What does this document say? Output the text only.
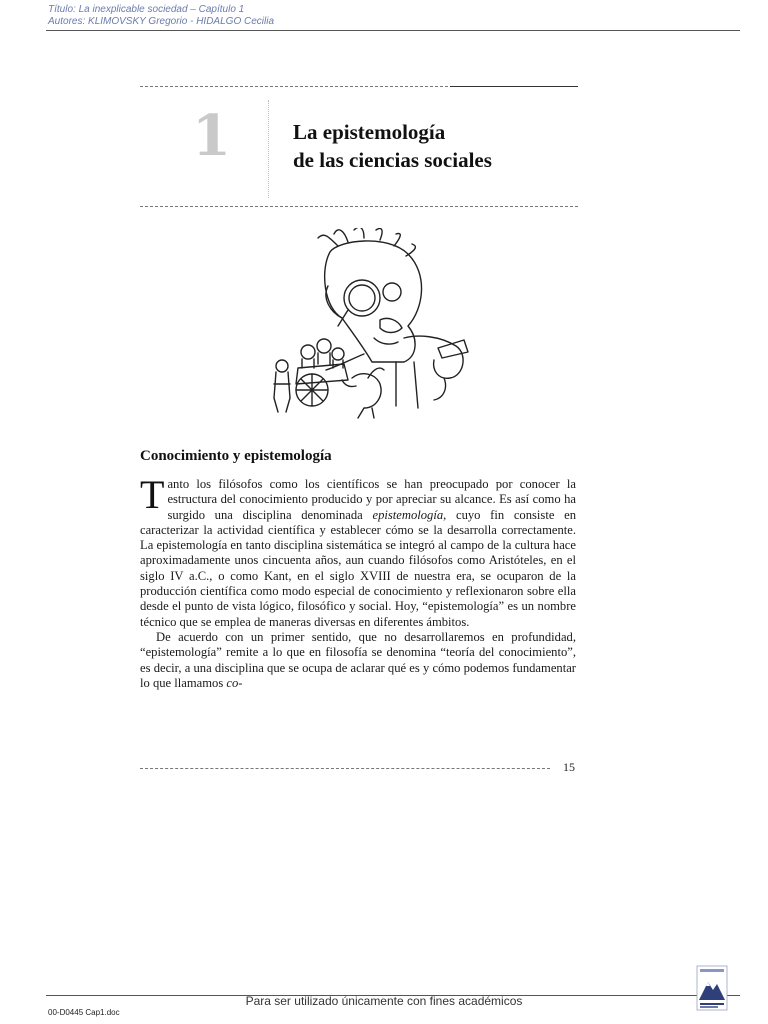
Título: La inexplicable sociedad – Capítulo 1
Autores: KLIMOVSKY Gregorio - HIDALGO Cecilia
1	La epistemología
de las ciencias sociales
Conocimiento y epistemología

Tanto los filósofos como los científicos se han preocupado por conocer la estructura del conocimiento producido y por apreciar su alcance. Es así como ha surgido una disciplina denominada epistemología, cuyo fin consiste en caracterizar la actividad científica y establecer cómo se la desarrolla correctamente. La epistemología en tanto disciplina sistemática se integró al campo de la cultura hace aproximadamente unos cincuenta años, aun cuando filósofos como Aristóteles, en el siglo IV a.C., o como Kant, en el siglo XVIII de nuestra era, se ocuparon de la producción científica como modo especial de conocimiento y reflexionaron sobre ella desde el punto de vista lógico, filosófico y social. Hoy, “epistemología” es un nombre técnico que se emplea de maneras diversas en diferentes ámbitos.

De acuerdo con un primer sentido, que no desarrollaremos en profundidad, “epistemología” remite a lo que en filosofía se denomina “teoría del conocimiento”, es decir, a una disciplina que se ocupa de aclarar qué es y cómo podemos fundamentar lo que llamamos co-

15
Para ser utilizado únicamente con fines académicos
00-D0445 Cap1.doc
